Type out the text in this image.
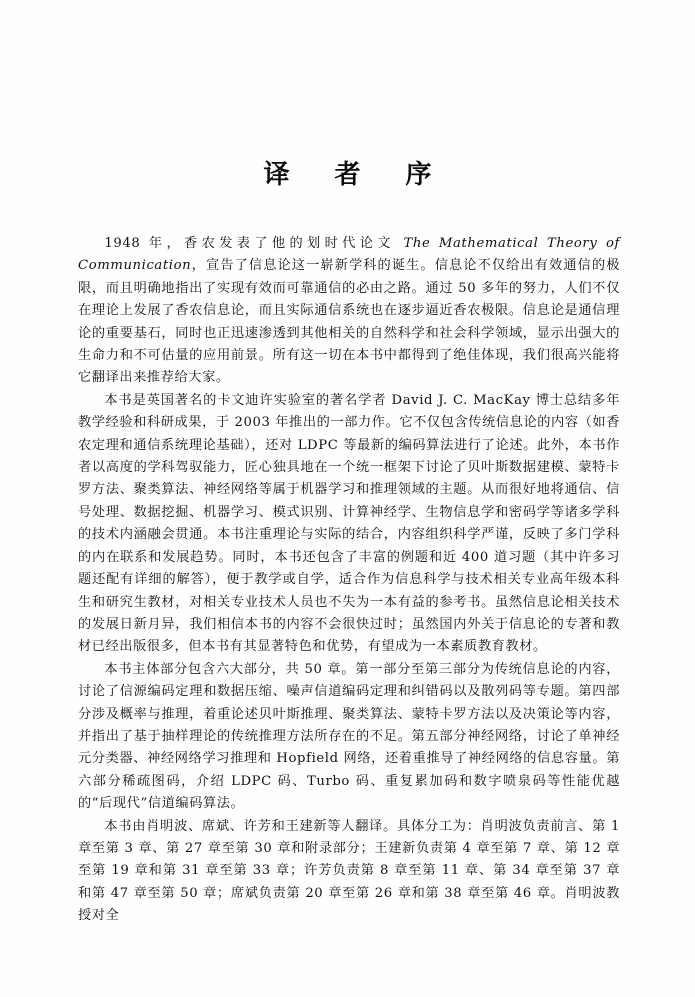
译 者 序

1948 年，香农发表了他的划时代论文 The Mathematical Theory of Communication，宣告了信息论这一崭新学科的诞生。信息论不仅给出有效通信的极限，而且明确地指出了实现有效而可靠通信的必由之路。通过 50 多年的努力，人们不仅在理论上发展了香农信息论，而且实际通信系统也在逐步逼近香农极限。信息论是通信理论的重要基石，同时也正迅速渗透到其他相关的自然科学和社会科学领域，显示出强大的生命力和不可估量的应用前景。所有这一切在本书中都得到了绝佳体现，我们很高兴能将它翻译出来推荐给大家。

本书是英国著名的卡文迪许实验室的著名学者 David J. C. MacKay 博士总结多年教学经验和科研成果，于 2003 年推出的一部力作。它不仅包含传统信息论的内容（如香农定理和通信系统理论基础），还对 LDPC 等最新的编码算法进行了论述。此外，本书作者以高度的学科驾驭能力，匠心独具地在一个统一框架下讨论了贝叶斯数据建模、蒙特卡罗方法、聚类算法、神经网络等属于机器学习和推理领域的主题。从而很好地将通信、信号处理、数据挖掘、机器学习、模式识别、计算神经学、生物信息学和密码学等诸多学科的技术内涵融会贯通。本书注重理论与实际的结合，内容组织科学严谨，反映了多门学科的内在联系和发展趋势。同时，本书还包含了丰富的例题和近 400 道习题（其中许多习题还配有详细的解答），便于教学或自学，适合作为信息科学与技术相关专业高年级本科生和研究生教材，对相关专业技术人员也不失为一本有益的参考书。虽然信息论相关技术的发展日新月异，我们相信本书的内容不会很快过时；虽然国内外关于信息论的专著和教材已经出版很多，但本书有其显著特色和优势，有望成为一本素质教育教材。

本书主体部分包含六大部分，共 50 章。第一部分至第三部分为传统信息论的内容，讨论了信源编码定理和数据压缩、噪声信道编码定理和纠错码以及散列码等专题。第四部分涉及概率与推理，着重论述贝叶斯推理、聚类算法、蒙特卡罗方法以及决策论等内容，并指出了基于抽样理论的传统推理方法所存在的不足。第五部分神经网络，讨论了单神经元分类器、神经网络学习推理和 Hopfield 网络，还着重推导了神经网络的信息容量。第六部分稀疏图码，介绍 LDPC 码、Turbo 码、重复累加码和数字喷泉码等性能优越的“后现代”信道编码算法。

本书由肖明波、席斌、许芳和王建新等人翻译。具体分工为：肖明波负责前言、第 1 章至第 3 章、第 27 章至第 30 章和附录部分；王建新负责第 4 章至第 7 章、第 12 章至第 19 章和第 31 章至第 33 章；许芳负责第 8 章至第 11 章、第 34 章至第 37 章和第 47 章至第 50 章；席斌负责第 20 章至第 26 章和第 38 章至第 46 章。肖明波教授对全
